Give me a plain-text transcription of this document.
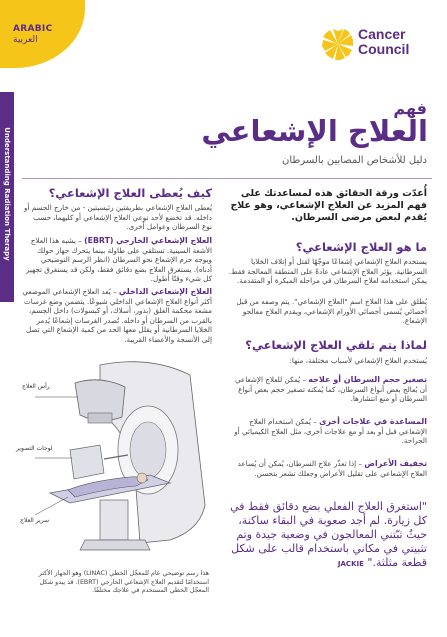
ARABIC
العربية	Cancer
Council
فهم
العلاج الإشعاعي
دليل للأشخاص المصابين بالسرطان
Understanding Radiation Therapy	أُعدّت ورقة الحقائق هذه لمساعدتك على فهم المزيد عن العلاج الإشعاعي، وهو علاج يُقدم لبعض مرضى السرطان.
ما هو العلاج الإشعاعي؟
يستخدم العلاج الإشعاعي إشعاعًا موجّهًا لقتل أو إتلاف الخلايا السرطانية. يؤثر العلاج الإشعاعي عادةً على المنطقة المعالجة فقط. يمكن استخدامه لعلاج السرطان في مراحله المبكرة أو المتقدمة.
يُطلق على هذا العلاج اسم "العلاج الإشعاعي". يتم وصفه من قبل أخصائي يُسمى أخصائي الأورام الإشعاعي، ويقدم العلاج معالجو الإشعاع.
لماذا يتم تلقي العلاج الإشعاعي؟
يُستخدم العلاج الإشعاعي لأسباب مختلفة، منها:
تصغير حجم السرطان أو علاجه – يُمكن للعلاج الإشعاعي أن يُعالج بعض أنواع السرطان، كما يُمكنه تصغير حجم بعض أنواع السرطان أو منع انتشارها.
المساعدة في علاجات أخرى – يُمكن استخدام العلاج الإشعاعي قبل أو بعد أو مع علاجات أخرى، مثل العلاج الكيميائي أو الجراحة.
تخفيف الأعراض – إذا تعذّر علاج السرطان، يُمكن أن يُساعد العلاج الإشعاعي على تقليل الأعراض وجعلك تشعر بتحسن.
"استغرق العلاج الفعلي بضع دقائق فقط في كل زيارة. لم أجد صعوبة في البقاء ساكنة، حيثُ ثبّتني المعالجون في وضعية جيدة وتم تثبيتي في مكاني باستخدام قالب على شكل قطعة مثلثة." JACKIE
كيف يُعطى العلاج الإشعاعي؟
يُعطى العلاج الإشعاعي بطريقتين رئيسيتين - من خارج الجسم أو داخله. قد تخضع لأحد نوعي العلاج الإشعاعي أو كليهما، حسب نوع السرطان وعوامل أخرى.
العلاج الإشعاعي الخارجي (EBRT) – يشبه هذا العلاج الأشعة السينية. تستلقي على طاولة بينما يتحرك جهاز حولك ويوجه حزم الإشعاع نحو السرطان (انظر الرسم التوضيحي أدناه). يستغرق العلاج بضع دقائق فقط، ولكن قد يستغرق تجهيز كل شيء وقتًا أطول.
العلاج الإشعاعي الداخلي – يُعد العلاج الإشعاعي الموضعي أكثر أنواع العلاج الإشعاعي الداخلي شيوعًا. يتضمن وضع غرسات مشعة محكمة الغلق (بذور، أسلاك، أو كبسولات) داخل الجسم، بالقرب من السرطان أو داخله. تُصدر الغرسات إشعاعًا يُدمر الخلايا السرطانية أو يقلل معها الحد من كمية الإشعاع التي تصل إلى الأنسجة والأعضاء القريبة.
رأس العلاج
لوحات التصوير
سرير العلاج
هذا رسم توضيحي عام للمعجّل الخطي (LINAC) وهو الجهاز الأكثر استخدامًا لتقديم العلاج الإشعاعي الخارجي (EBRT). قد يبدو شكل المعجّل الخطي المستخدم في علاجك مختلفًا.
